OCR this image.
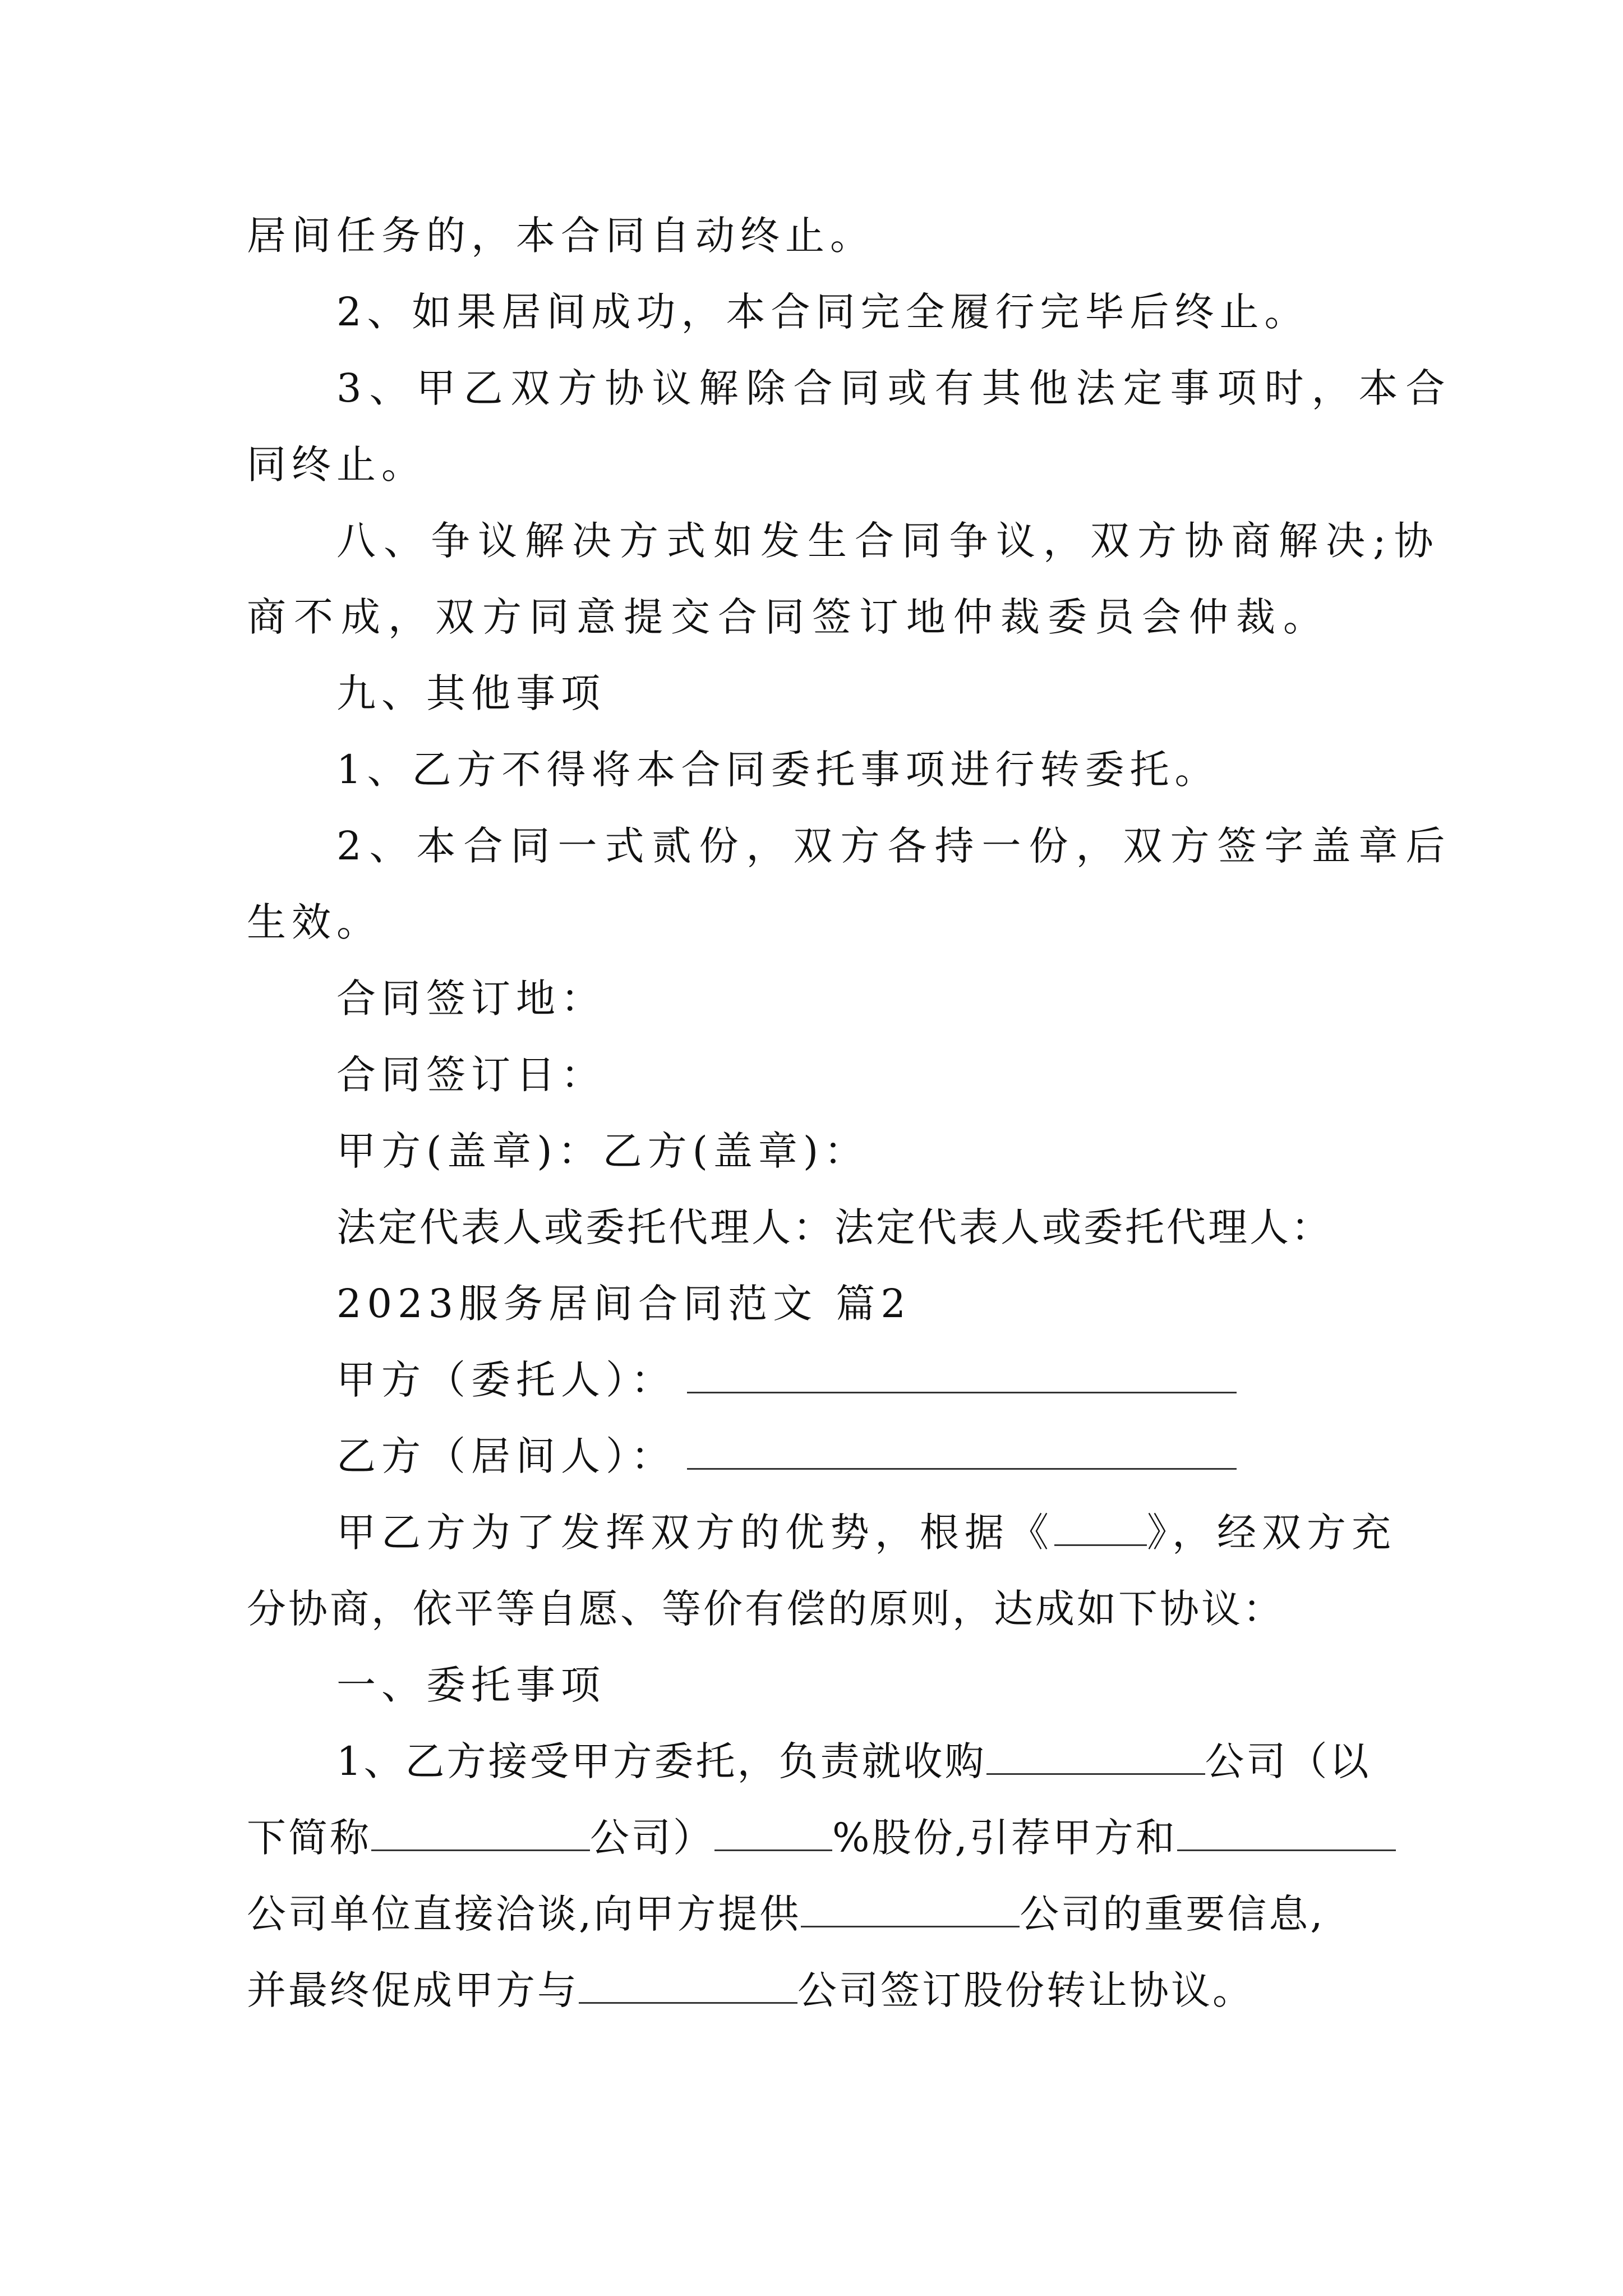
居间任务的，本合同自动终止。
2、如果居间成功，本合同完全履行完毕后终止。
3、甲乙双方协议解除合同或有其他法定事项时，本合
同终止。
八、争议解决方式如发生合同争议，双方协商解决;协
商不成，双方同意提交合同签订地仲裁委员会仲裁。
九、其他事项
1、乙方不得将本合同委托事项进行转委托。
2、本合同一式贰份，双方各持一份，双方签字盖章后
生效。
合同签订地：
合同签订日：
甲方(盖章)：乙方(盖章)：
法定代表人或委托代理人：法定代表人或委托代理人：
2023服务居间合同范文 篇2
甲方（委托人）：
乙方（居间人）：
甲乙方为了发挥双方的优势，根据《 》，经双方充
分协商，依平等自愿、等价有偿的原则，达成如下协议：
一、委托事项
1、乙方接受甲方委托，负责就收购	公司（以
下简称	公司）	%股份,引荐甲方和
公司单位直接洽谈,向甲方提供	公司的重要信息,
并最终促成甲方与	公司签订股份转让协议。
